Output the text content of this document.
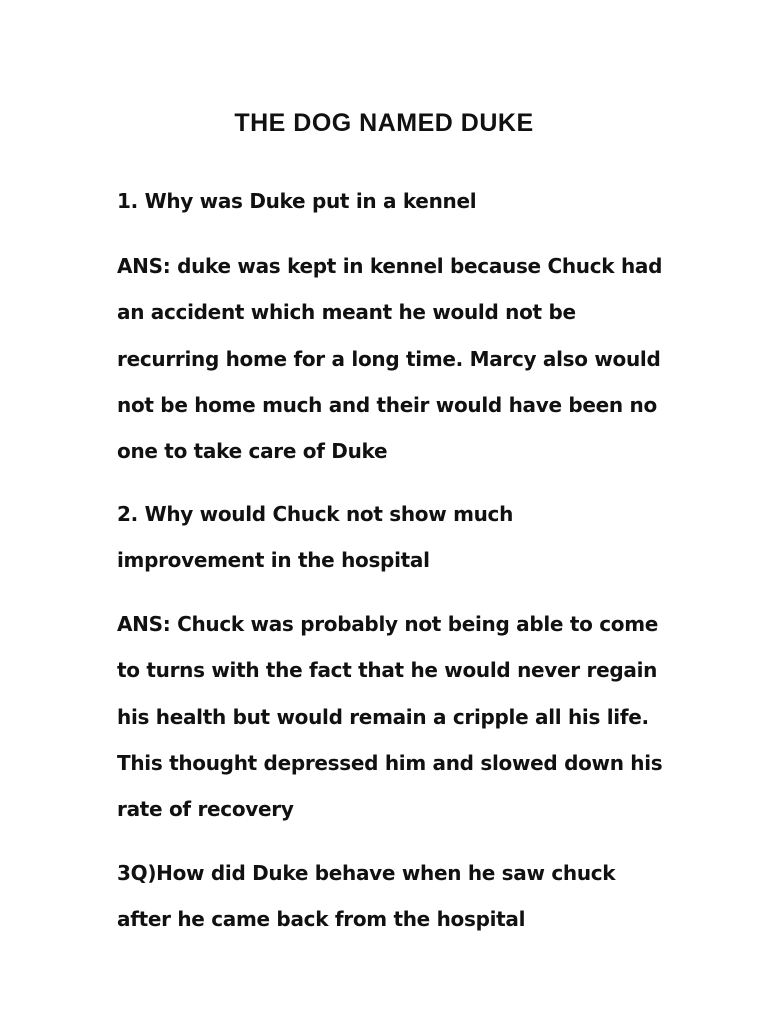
THE DOG NAMED DUKE

1. Why was Duke put in a kennel

ANS: duke was kept in kennel because Chuck had
an accident which meant he would not be
recurring home for a long time. Marcy also would
not be home much and their would have been no
one to take care of Duke

2. Why would Chuck not show much
improvement in the hospital

ANS: Chuck was probably not being able to come
to turns with the fact that he would never regain
his health but would remain a cripple all his life.
This thought depressed him and slowed down his
rate of recovery

3Q)How did Duke behave when he saw chuck
after he came back from the hospital
